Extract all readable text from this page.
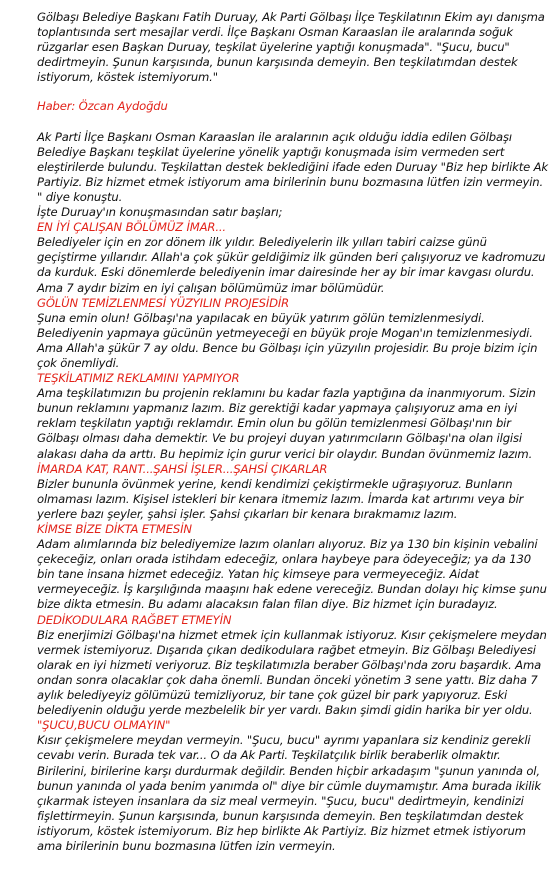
Gölbaşı Belediye Başkanı Fatih Duruay, Ak Parti Gölbaşı İlçe Teşkilatının Ekim ayı danışma toplantısında sert mesajlar verdi. İlçe Başkanı Osman Karaaslan ile aralarında soğuk rüzgarlar esen Başkan Duruay, teşkilat üyelerine yaptığı konuşmada". "Şucu, bucu" dedirtmeyin. Şunun karşısında, bunun karşısında demeyin. Ben teşkilatımdan destek istiyorum, köstek istemiyorum."

Haber: Özcan Aydoğdu

Ak Parti İlçe Başkanı Osman Karaaslan ile aralarının açık olduğu iddia edilen Gölbaşı Belediye Başkanı teşkilat üyelerine yönelik yaptığı konuşmada isim vermeden sert eleştirilerde bulundu. Teşkilattan destek beklediğini ifade eden Duruay "Biz hep birlikte Ak Partiyiz. Biz hizmet etmek istiyorum ama birilerinin bunu bozmasına lütfen izin vermeyin. " diye konuştu.

İşte Duruay'ın konuşmasından satır başları;

EN İYİ ÇALIŞAN BÖLÜMÜZ İMAR...

Belediyeler için en zor dönem ilk yıldır. Belediyelerin ilk yılları tabiri caizse günü geçiştirme yıllarıdır. Allah'a çok şükür geldiğimiz ilk günden beri çalışıyoruz ve kadromuzu da kurduk. Eski dönemlerde belediyenin imar dairesinde her ay bir imar kavgası olurdu. Ama 7 aydır bizim en iyi çalışan bölümümüz imar bölümüdür.

GÖLÜN TEMİZLENMESİ YÜZYILIN PROJESİDİR

Şuna emin olun! Gölbaşı'na yapılacak en büyük yatırım gölün temizlenmesiydi. Belediyenin yapmaya gücünün yetmeyeceği en büyük proje Mogan'ın temizlenmesiydi. Ama Allah'a şükür 7 ay oldu. Bence bu Gölbaşı için yüzyılın projesidir. Bu proje bizim için çok önemliydi.

TEŞKİLATIMIZ REKLAMINI YAPMIYOR

Ama teşkilatımızın bu projenin reklamını bu kadar fazla yaptığına da inanmıyorum. Sizin bunun reklamını yapmanız lazım. Biz gerektiği kadar yapmaya çalışıyoruz ama en iyi reklam teşkilatın yaptığı reklamdır. Emin olun bu gölün temizlenmesi Gölbaşı'nın bir Gölbaşı olması daha demektir. Ve bu projeyi duyan yatırımcıların Gölbaşı'na olan ilgisi alakası daha da arttı. Bu hepimiz için gurur verici bir olaydır. Bundan övünmemiz lazım.

İMARDA KAT, RANT...ŞAHSİ İŞLER...ŞAHSİ ÇIKARLAR

Bizler bununla övünmek yerine, kendi kendimizi çekiştirmekle uğraşıyoruz. Bunların olmaması lazım. Kişisel istekleri bir kenara itmemiz lazım. İmarda kat artırımı veya bir yerlere bazı şeyler, şahsi işler. Şahsi çıkarları bir kenara bırakmamız lazım.

KİMSE BİZE DİKTA ETMESİN

Adam alımlarında biz belediyemize lazım olanları alıyoruz. Biz ya 130 bin kişinin vebalini çekeceğiz, onları orada istihdam edeceğiz, onlara haybeye para ödeyeceğiz; ya da 130 bin tane insana hizmet edeceğiz. Yatan hiç kimseye para vermeyeceğiz. Aidat vermeyeceğiz. İş karşılığında maaşını hak edene vereceğiz. Bundan dolayı hiç kimse şunu bize dikta etmesin. Bu adamı alacaksın falan filan diye. Biz hizmet için buradayız.

DEDİKODULARA RAĞBET ETMEYİN

Biz enerjimizi Gölbaşı'na hizmet etmek için kullanmak istiyoruz. Kısır çekişmelere meydan vermek istemiyoruz. Dışarıda çıkan dedikodulara rağbet etmeyin. Biz Gölbaşı Belediyesi olarak en iyi hizmeti veriyoruz. Biz teşkilatımızla beraber Gölbaşı'nda zoru başardık. Ama ondan sonra olacaklar çok daha önemli. Bundan önceki yönetim 3 sene yattı. Biz daha 7 aylık belediyeyiz gölümüzü temizliyoruz, bir tane çok güzel bir park yapıyoruz. Eski belediyenin olduğu yerde mezbelelik bir yer vardı. Bakın şimdi gidin harika bir yer oldu.

"ŞUCU,BUCU OLMAYIN"

Kısır çekişmelere meydan vermeyin. "Şucu, bucu" ayrımı yapanlara siz kendiniz gerekli cevabı verin. Burada tek var... O da Ak Parti. Teşkilatçılık birlik beraberlik olmaktır. Birilerini, birilerine karşı durdurmak değildir. Benden hiçbir arkadaşım "şunun yanında ol, bunun yanında ol yada benim yanımda ol" diye bir cümle duymamıştır. Ama burada ikilik çıkarmak isteyen insanlara da siz meal vermeyin. "Şucu, bucu" dedirtmeyin, kendinizi fişlettirmeyin. Şunun karşısında, bunun karşısında demeyin. Ben teşkilatımdan destek istiyorum, köstek istemiyorum. Biz hep birlikte Ak Partiyiz. Biz hizmet etmek istiyorum ama birilerinin bunu bozmasına lütfen izin vermeyin.
